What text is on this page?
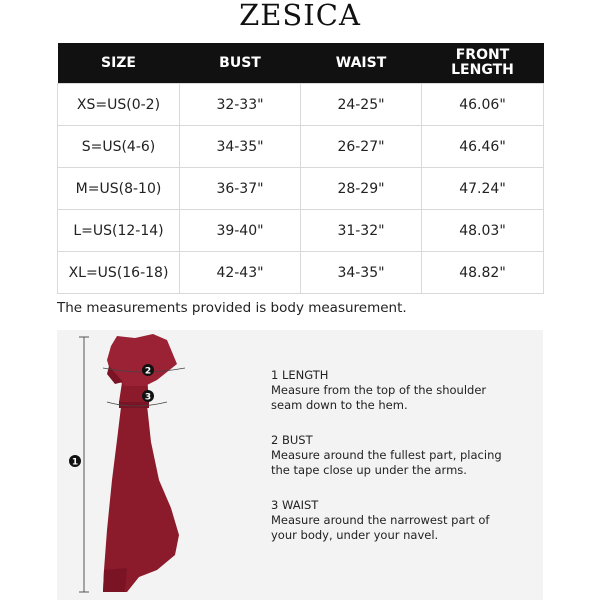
ZESICA
SIZE	BUST	WAIST	FRONT
LENGTH
XS=US(0-2)	32-33"	24-25"	46.06"
S=US(4-6)	34-35"	26-27"	46.46"
M=US(8-10)	36-37"	28-29"	47.24"
L=US(12-14)	39-40"	31-32"	48.03"
XL=US(16-18)	42-43"	34-35"	48.82"
The measurements provided is body measurement.
1
2
3
1 LENGTH
Measure from the top of the shoulder
seam down to the hem.
2 BUST
Measure around the fullest part, placing
the tape close up under the arms.
3 WAIST
Measure around the narrowest part of
your body, under your navel.
